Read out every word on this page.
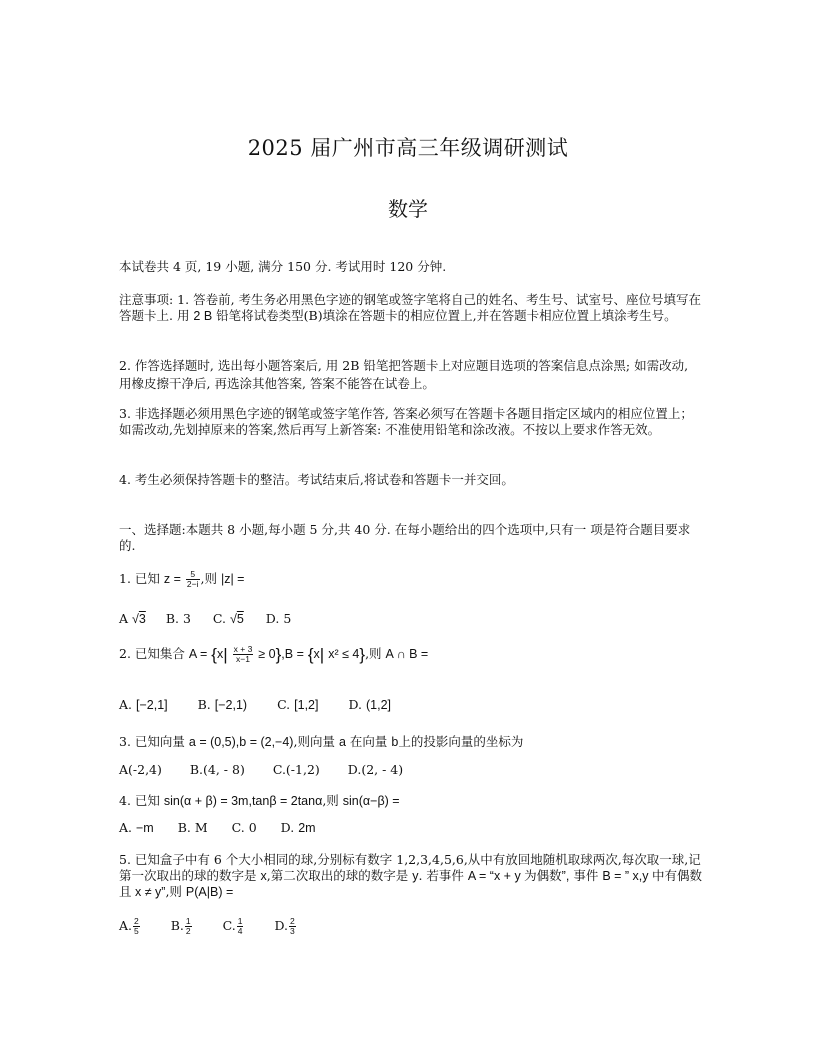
2025 届广州市高三年级调研测试
数学
本试卷共 4 页, 19 小题, 满分 150 分. 考试用时 120 分钟.
注意事项: 1. 答卷前, 考生务必用黑色字迹的钢笔或签字笔将自己的姓名、考生号、试室号、座位号填写在答题卡上. 用 2 B 铅笔将试卷类型(B)填涂在答题卡的相应位置上,并在答题卡相应位置上填涂考生号。
2. 作答选择题时, 选出每小题答案后, 用 2B 铅笔把答题卡上对应题目选项的答案信息点涂黑; 如需改动, 用橡皮擦干净后, 再选涂其他答案, 答案不能答在试卷上。
3. 非选择题必须用黑色字迹的钢笔或签字笔作答, 答案必须写在答题卡各题目指定区域内的相应位置上；如需改动,先划掉原来的答案,然后再写上新答案: 不准使用铅笔和涂改液。不按以上要求作答无效。
4. 考生必须保持答题卡的整洁。考试结束后,将试卷和答题卡一并交回。
一、选择题:本题共 8 小题,每小题 5 分,共 40 分. 在每小题给出的四个选项中,只有一 项是符合题目要求的.
1. 已知 $z = \frac{5}{2-i}$ ,则 |z| =
A √3 B. 3 C. √5 D. 5
2. 已知集合 $A = \{x| \frac{x + 3}{x-1} \ge 0\},B = \{x|$ x² ≤ 4},则 A ∩ B =
A. [−2,1] B. [−2,1) C. [1,2] D. (1,2]
3. 已知向量 a = (0,5),b = (2,−4),则向量 a 在向量 b上的投影向量的坐标为
A(-2,4) B.(4, - 8) C.(-1,2) D.(2, - 4)
4. 已知 sin(α + β) = 3m,tanβ = 2tanα,则 sin(α−β) =
A. −m B. M C. 0 D. 2m
5. 已知盒子中有 6 个大小相同的球,分别标有数字 1,2,3,4,5,6,从中有放回地随机取球两次,每次取一球,记第一次取出的球的数字是 x,第二次取出的球的数字是 y. 若事件 A = “x + y 为偶数”, 事件 B = ” x,y 中有偶数且 x ≠ y”,则 P(A|B) =
A. $\frac{2}{5} B$. $\frac{1}{2} C$. $\frac{1}{4} D$. $\frac{2}{3}$
